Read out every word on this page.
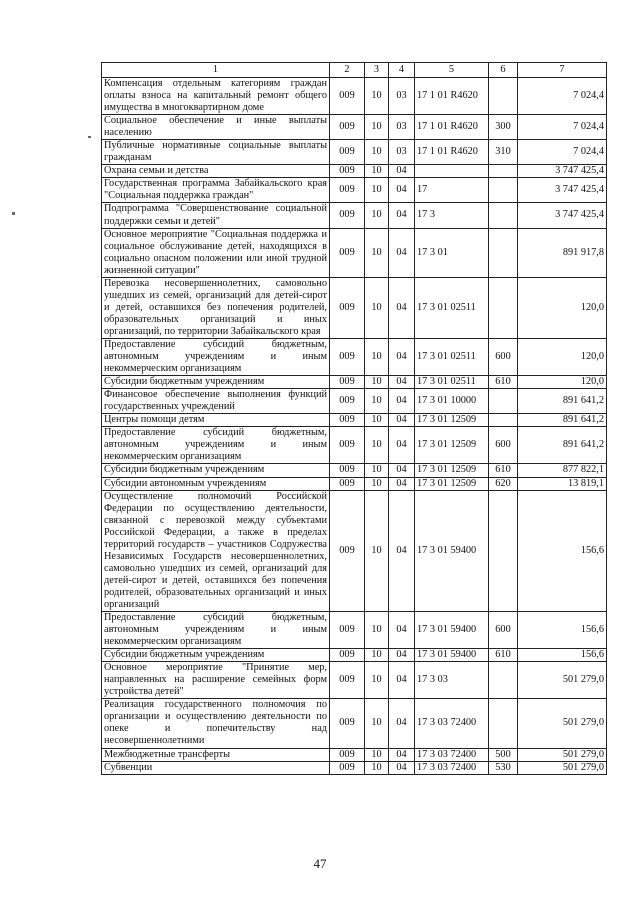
1	2	3	4	5	6	7
Компенсация отдельным категориям граждан оплаты взноса на капитальный ремонт общего имущества в многоквартирном доме	009	10	03	17 1 01 R4620		7 024,4
Социальное обеспечение и иные выплаты населению	009	10	03	17 1 01 R4620	300	7 024,4
Публичные нормативные социальные выплаты гражданам	009	10	03	17 1 01 R4620	310	7 024,4
Охрана семьи и детства	009	10	04			3 747 425,4
Государственная программа Забайкальского края "Социальная поддержка граждан"	009	10	04	17		3 747 425,4
Подпрограмма "Совершенствование социальной поддержки семьи и детей"	009	10	04	17 3		3 747 425,4
Основное мероприятие "Социальная поддержка и социальное обслуживание детей, находящихся в социально опасном положении или иной трудной жизненной ситуации"	009	10	04	17 3 01		891 917,8
Перевозка несовершеннолетних, самовольно ушедших из семей, организаций для детей-сирот и детей, оставшихся без попечения родителей, образовательных организаций и иных организаций, по территории Забайкальского края	009	10	04	17 3 01 02511		120,0
Предоставление субсидий бюджетным, автономным учреждениям и иным некоммерческим организациям	009	10	04	17 3 01 02511	600	120,0
Субсидии бюджетным учреждениям	009	10	04	17 3 01 02511	610	120,0
Финансовое обеспечение выполнения функций государственных учреждений	009	10	04	17 3 01 10000		891 641,2
Центры помощи детям	009	10	04	17 3 01 12509		891 641,2
Предоставление субсидий бюджетным, автономным учреждениям и иным некоммерческим организациям	009	10	04	17 3 01 12509	600	891 641,2
Субсидии бюджетным учреждениям	009	10	04	17 3 01 12509	610	877 822,1
Субсидии автономным учреждениям	009	10	04	17 3 01 12509	620	13 819,1
Осуществление полномочий Российской Федерации по осуществлению деятельности, связанной с перевозкой между субъектами Российской Федерации, а также в пределах территорий государств – участников Содружества Независимых Государств несовершеннолетних, самовольно ушедших из семей, организаций для детей-сирот и детей, оставшихся без попечения родителей, образовательных организаций и иных организаций	009	10	04	17 3 01 59400		156,6
Предоставление субсидий бюджетным, автономным учреждениям и иным некоммерческим организациям	009	10	04	17 3 01 59400	600	156,6
Субсидии бюджетным учреждениям	009	10	04	17 3 01 59400	610	156,6
Основное мероприятие "Принятие мер, направленных на расширение семейных форм устройства детей"	009	10	04	17 3 03		501 279,0
Реализация государственного полномочия по организации и осуществлению деятельности по опеке и попечительству над несовершеннолетними	009	10	04	17 3 03 72400		501 279,0
Межбюджетные трансферты	009	10	04	17 3 03 72400	500	501 279,0
Субвенции	009	10	04	17 3 03 72400	530	501 279,0
47
